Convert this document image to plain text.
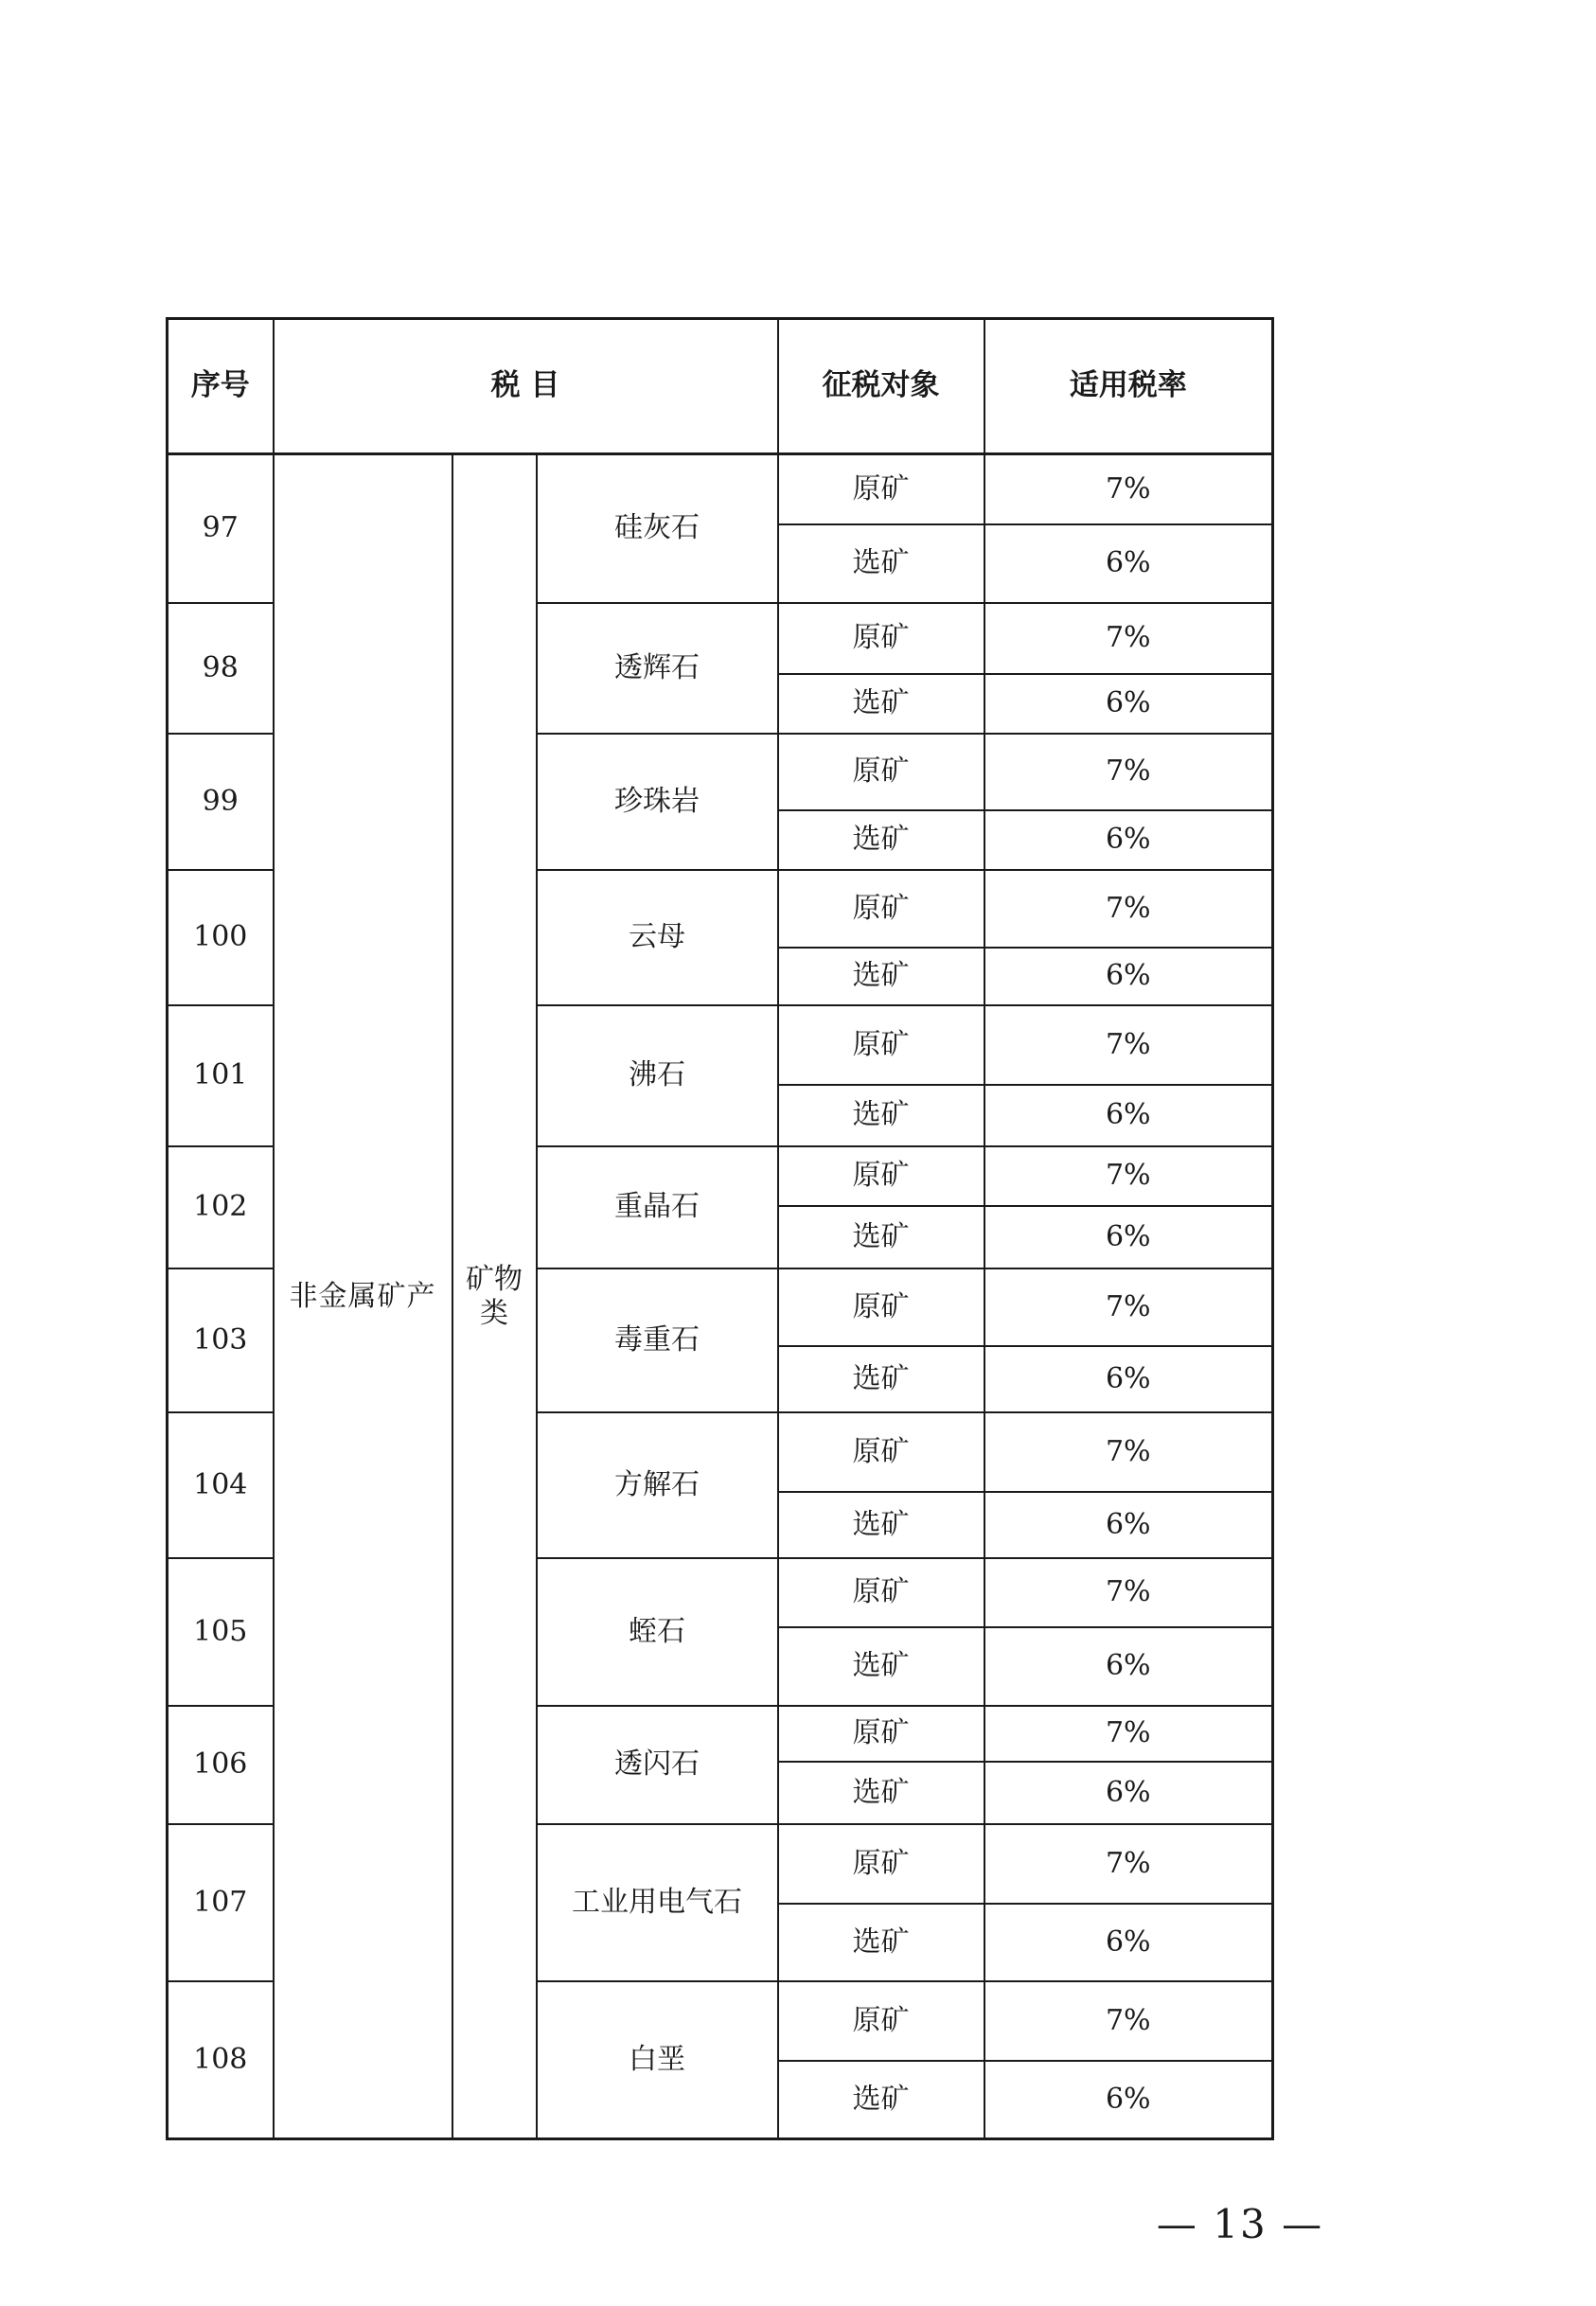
序号	税 目			征税对象	适用税率
97	非金属矿产	矿物类	硅灰石	原矿	7%
				选矿	6%
98			透辉石	原矿	7%
				选矿	6%
99			珍珠岩	原矿	7%
				选矿	6%
100			云母	原矿	7%
				选矿	6%
101			沸石	原矿	7%
				选矿	6%
102			重晶石	原矿	7%
				选矿	6%
103			毒重石	原矿	7%
				选矿	6%
104			方解石	原矿	7%
				选矿	6%
105			蛭石	原矿	7%
				选矿	6%
106			透闪石	原矿	7%
				选矿	6%
107			工业用电气石	原矿	7%
				选矿	6%
108			白垩	原矿	7%
				选矿	6%
— 13 —
